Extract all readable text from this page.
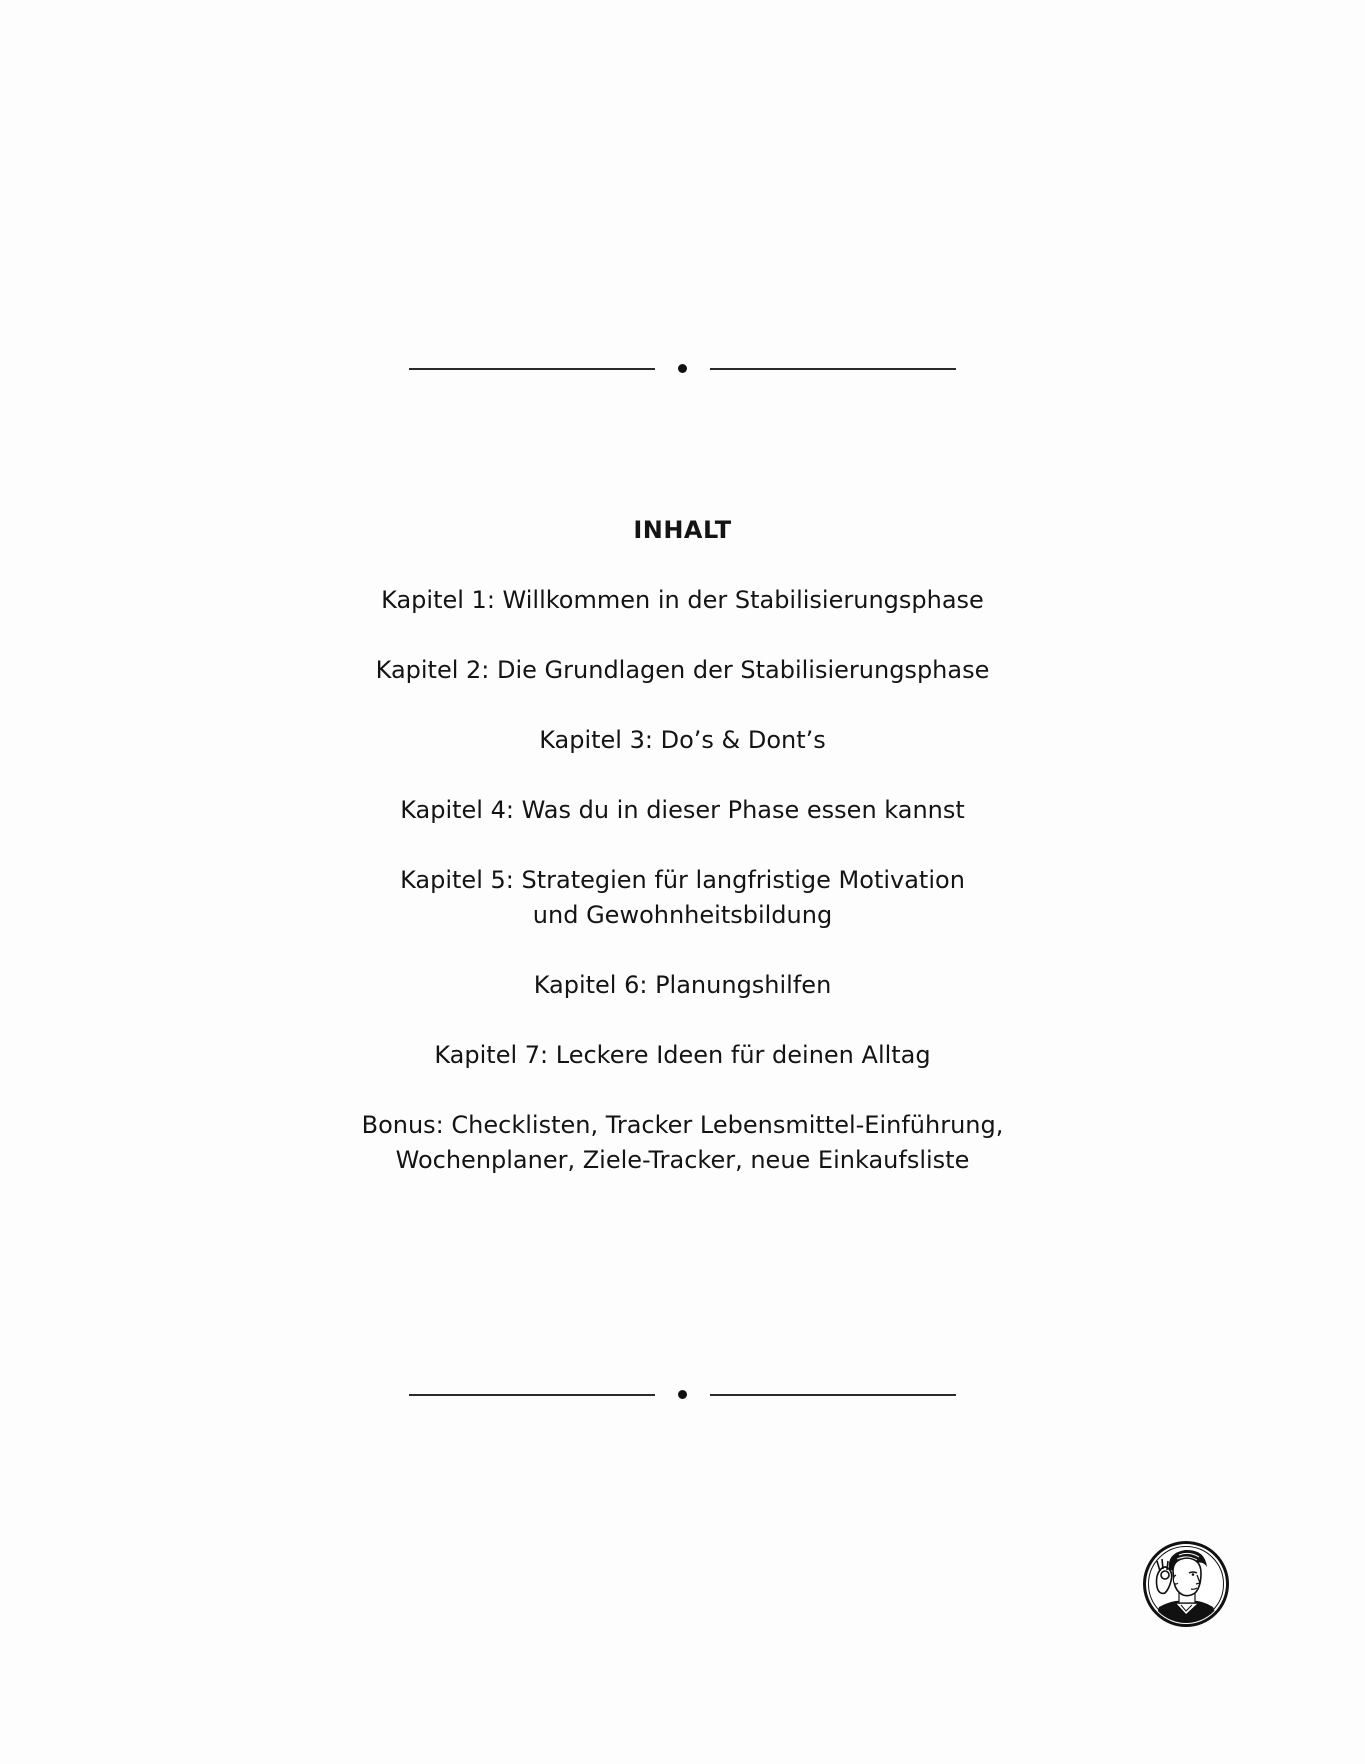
INHALT
Kapitel 1: Willkommen in der Stabilisierungsphase
Kapitel 2: Die Grundlagen der Stabilisierungsphase
Kapitel 3: Do’s & Dont’s
Kapitel 4: Was du in dieser Phase essen kannst
Kapitel 5: Strategien für langfristige Motivation
und Gewohnheitsbildung
Kapitel 6: Planungshilfen
Kapitel 7: Leckere Ideen für deinen Alltag
Bonus: Checklisten, Tracker Lebensmittel-Einführung,
Wochenplaner, Ziele-Tracker, neue Einkaufsliste
